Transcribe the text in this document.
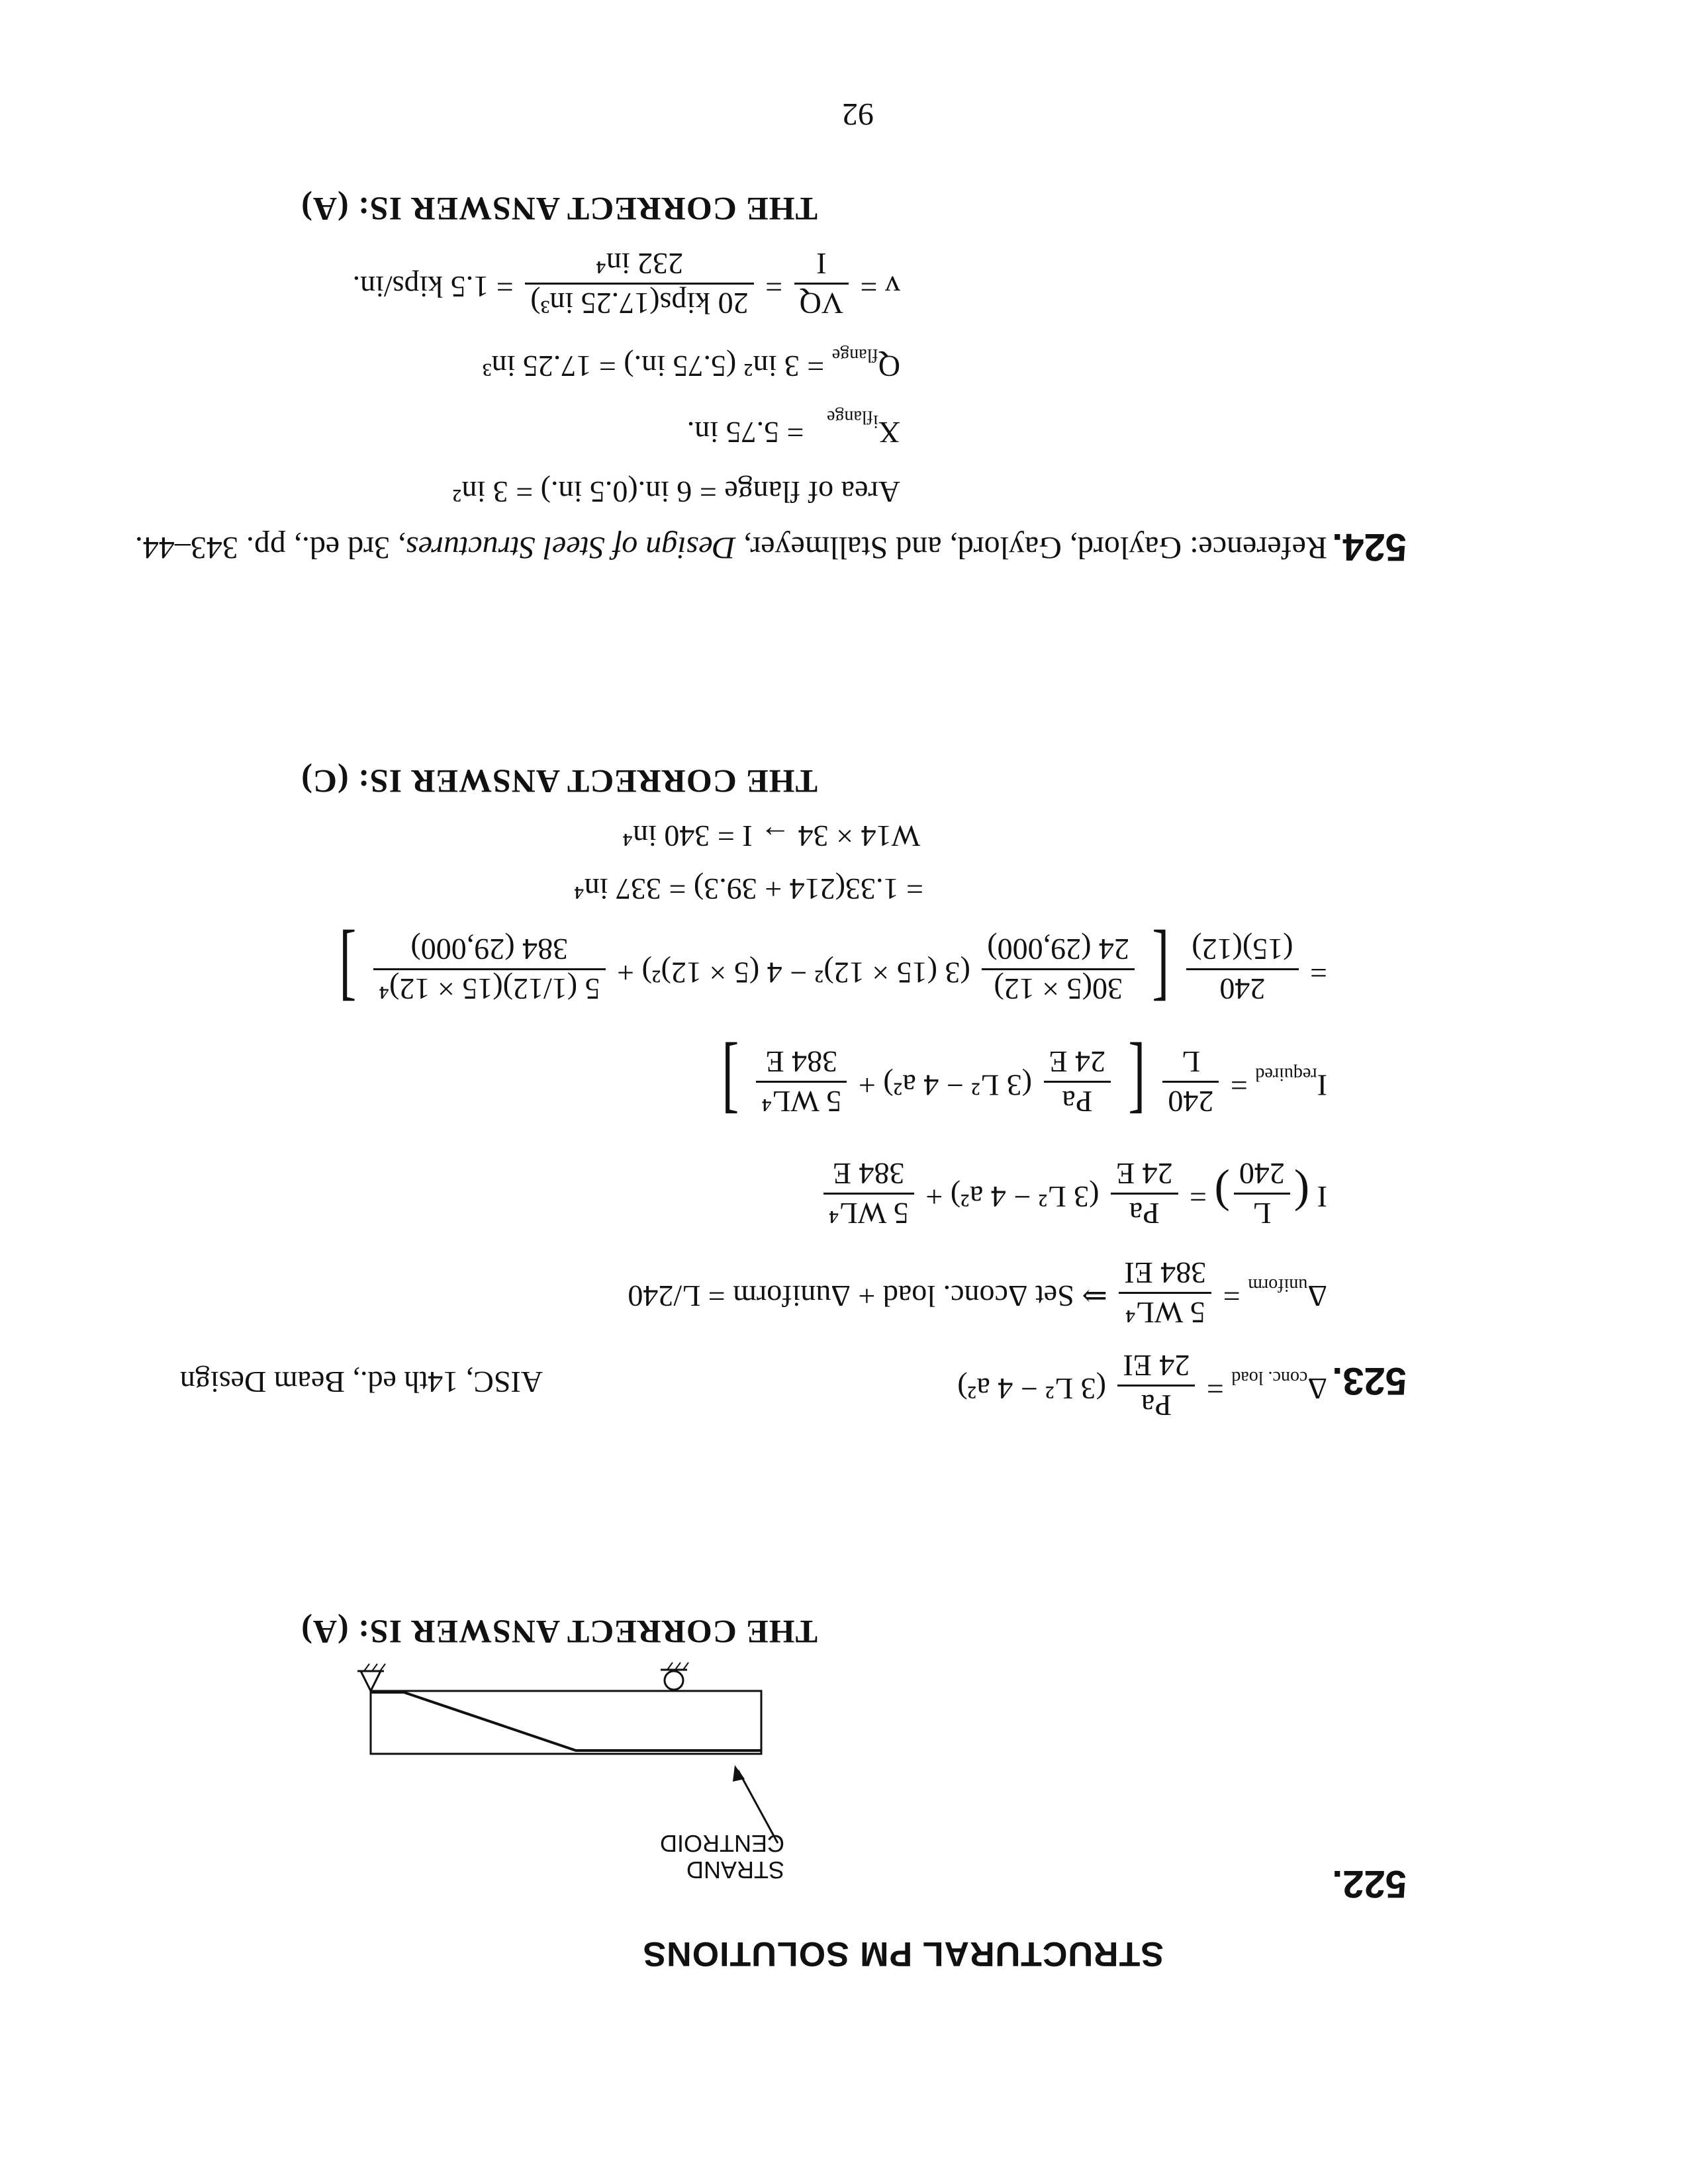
STRUCTURAL PM SOLUTIONS
522.
STRAND
CENTROID
THE CORRECT ANSWER IS: (A)
523.
$\Delta_{conc. load}$ =
Pa
24 EI
(3 L² − 4 a²)
AISC, 14th ed., Beam Design
$\Delta_{uniform}$ =
5 WL⁴
384 EI
⇒ Set Δconc. load + Δuniform = L/240
I (
L
240
) =
Pa
24 E
(3 L² − 4 a²) +
5 WL⁴
384 E
$I_{required}$ =
240
L
[
Pa
24 E
(3 L² − 4 a²) +
5 WL⁴
384 E
]
=
240
(15)(12)
[
30(5 × 12)
24 (29,000)
(3 (15 × 12)² − 4 (5 × 12)²) +
5 (1/12)(15 × 12)⁴
384 (29,000)
]
= 1.33(214 + 39.3) = 337 in⁴
W14 × 34 → I = 340 in⁴
THE CORRECT ANSWER IS: (C)
524.
Reference: Gaylord, Gaylord, and Stallmeyer, Design of Steel Structures, 3rd ed., pp. 343–44.
Area of flange = 6 in.(0.5 in.) = 3 in²
$X_{i_{flange}} = 5.75$ in.
$Q_{flange} = 3$ in² (5.75 in.) = 17.25 in³
v =
VQ
I
=
20 kips(17.25 in³)
232 in⁴
= 1.5 kips/in.
THE CORRECT ANSWER IS: (A)
92
